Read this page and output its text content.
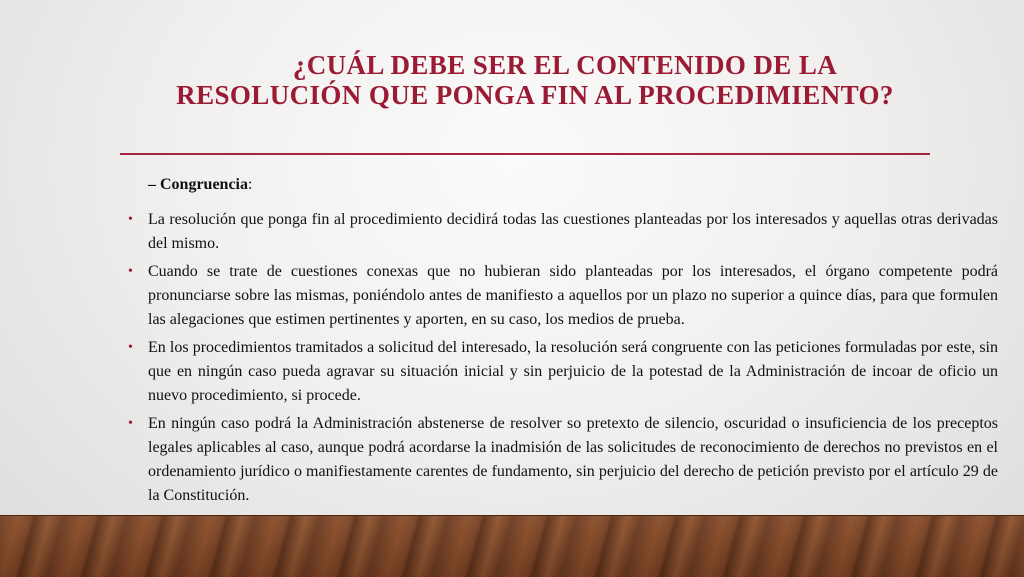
¿CUÁL DEBE SER EL CONTENIDO DE LA
RESOLUCIÓN QUE PONGA FIN AL PROCEDIMIENTO?
– Congruencia:
• La resolución que ponga fin al procedimiento decidirá todas las cuestiones planteadas por los interesados y aquellas otras derivadas del mismo.
• Cuando se trate de cuestiones conexas que no hubieran sido planteadas por los interesados, el órgano competente podrá pronunciarse sobre las mismas, poniéndolo antes de manifiesto a aquellos por un plazo no superior a quince días, para que formulen las alegaciones que estimen pertinentes y aporten, en su caso, los medios de prueba.
• En los procedimientos tramitados a solicitud del interesado, la resolución será congruente con las peticiones formuladas por este, sin que en ningún caso pueda agravar su situación inicial y sin perjuicio de la potestad de la Administración de incoar de oficio un nuevo procedimiento, si procede.
• En ningún caso podrá la Administración abstenerse de resolver so pretexto de silencio, oscuridad o insuficiencia de los preceptos legales aplicables al caso, aunque podrá acordarse la inadmisión de las solicitudes de reconocimiento de derechos no previstos en el ordenamiento jurídico o manifiestamente carentes de fundamento, sin perjuicio del derecho de petición previsto por el artículo 29 de la Constitución.
